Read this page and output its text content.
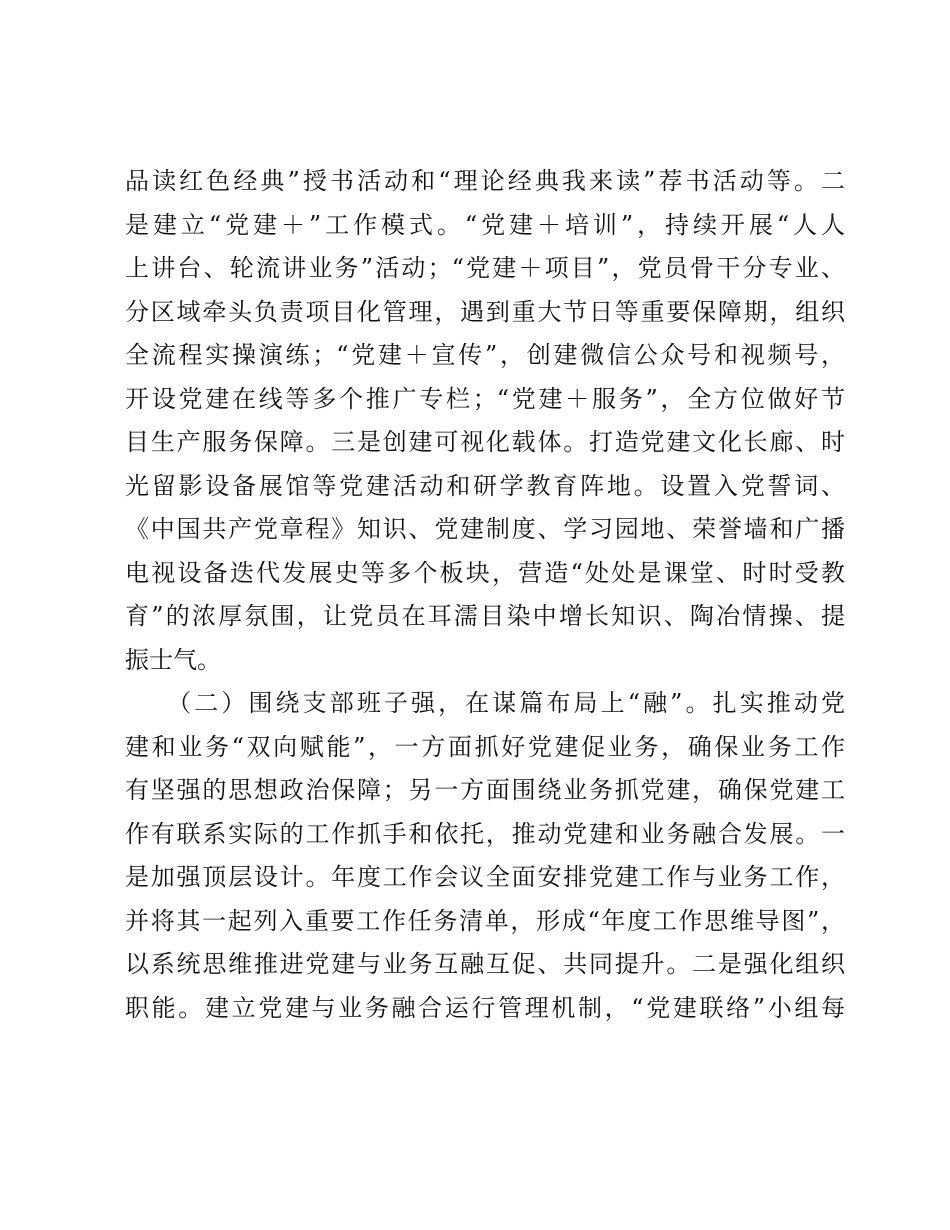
品读红色经典”授书活动和“理论经典我来读”荐书活动等。二
是建立“党建＋”工作模式。“党建＋培训”，持续开展“人人
上讲台、轮流讲业务”活动；“党建＋项目”，党员骨干分专业、
分区域牵头负责项目化管理，遇到重大节日等重要保障期，组织
全流程实操演练；“党建＋宣传”，创建微信公众号和视频号，
开设党建在线等多个推广专栏；“党建＋服务”，全方位做好节
目生产服务保障。三是创建可视化载体。打造党建文化长廊、时
光留影设备展馆等党建活动和研学教育阵地。设置入党誓词、
《中国共产党章程》知识、党建制度、学习园地、荣誉墙和广播
电视设备迭代发展史等多个板块，营造“处处是课堂、时时受教
育”的浓厚氛围，让党员在耳濡目染中增长知识、陶冶情操、提
振士气。
　　（二）围绕支部班子强，在谋篇布局上“融”。扎实推动党
建和业务“双向赋能”，一方面抓好党建促业务，确保业务工作
有坚强的思想政治保障；另一方面围绕业务抓党建，确保党建工
作有联系实际的工作抓手和依托，推动党建和业务融合发展。一
是加强顶层设计。年度工作会议全面安排党建工作与业务工作，
并将其一起列入重要工作任务清单，形成“年度工作思维导图”，
以系统思维推进党建与业务互融互促、共同提升。二是强化组织
职能。建立党建与业务融合运行管理机制，“党建联络”小组每
